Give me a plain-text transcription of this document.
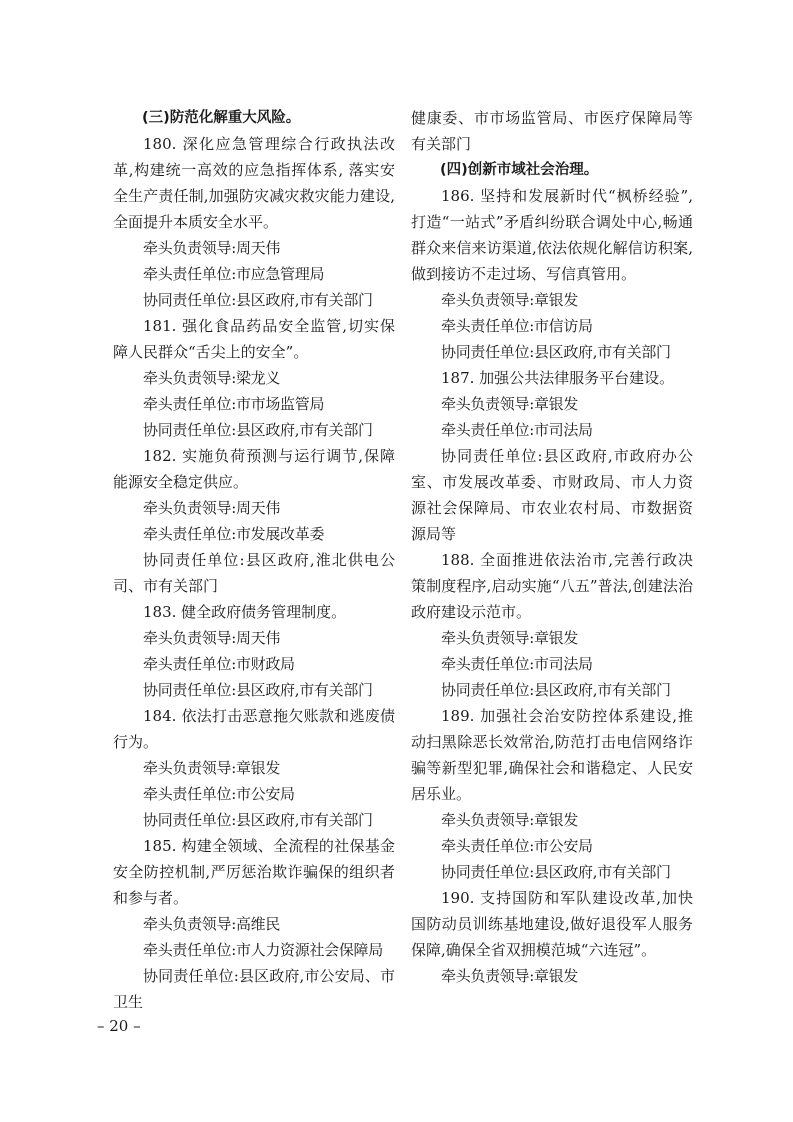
(三)防范化解重大风险。

180. 深化应急管理综合行政执法改革,构建统一高效的应急指挥体系, 落实安全生产责任制,加强防灾减灾救灾能力建设,全面提升本质安全水平。

牵头负责领导:周天伟

牵头责任单位:市应急管理局

协同责任单位:县区政府,市有关部门

181. 强化食品药品安全监管,切实保障人民群众“舌尖上的安全”。

牵头负责领导:梁龙义

牵头责任单位:市市场监管局

协同责任单位:县区政府,市有关部门

182. 实施负荷预测与运行调节,保障能源安全稳定供应。

牵头负责领导:周天伟

牵头责任单位:市发展改革委

协同责任单位:县区政府,淮北供电公司、市有关部门

183. 健全政府债务管理制度。

牵头负责领导:周天伟

牵头责任单位:市财政局

协同责任单位:县区政府,市有关部门

184. 依法打击恶意拖欠账款和逃废债行为。

牵头负责领导:章银发

牵头责任单位:市公安局

协同责任单位:县区政府,市有关部门

185. 构建全领域、全流程的社保基金安全防控机制,严厉惩治欺诈骗保的组织者和参与者。

牵头负责领导:高维民

牵头责任单位:市人力资源社会保障局

协同责任单位:县区政府,市公安局、市卫生

健康委、市市场监管局、市医疗保障局等有关部门

(四)创新市域社会治理。

186. 坚持和发展新时代“枫桥经验”, 打造“一站式”矛盾纠纷联合调处中心,畅通群众来信来访渠道,依法依规化解信访积案,做到接访不走过场、写信真管用。

牵头负责领导:章银发

牵头责任单位:市信访局

协同责任单位:县区政府,市有关部门

187. 加强公共法律服务平台建设。

牵头负责领导:章银发

牵头责任单位:市司法局

协同责任单位:县区政府,市政府办公室、市发展改革委、市财政局、市人力资源社会保障局、市农业农村局、市数据资源局等

188. 全面推进依法治市,完善行政决策制度程序,启动实施“八五”普法,创建法治政府建设示范市。

牵头负责领导:章银发

牵头责任单位:市司法局

协同责任单位:县区政府,市有关部门

189. 加强社会治安防控体系建设,推动扫黑除恶长效常治,防范打击电信网络诈骗等新型犯罪,确保社会和谐稳定、人民安居乐业。

牵头负责领导:章银发

牵头责任单位:市公安局

协同责任单位:县区政府,市有关部门

190. 支持国防和军队建设改革,加快国防动员训练基地建设,做好退役军人服务保障,确保全省双拥模范城“六连冠”。

牵头负责领导:章银发

– 20 –
